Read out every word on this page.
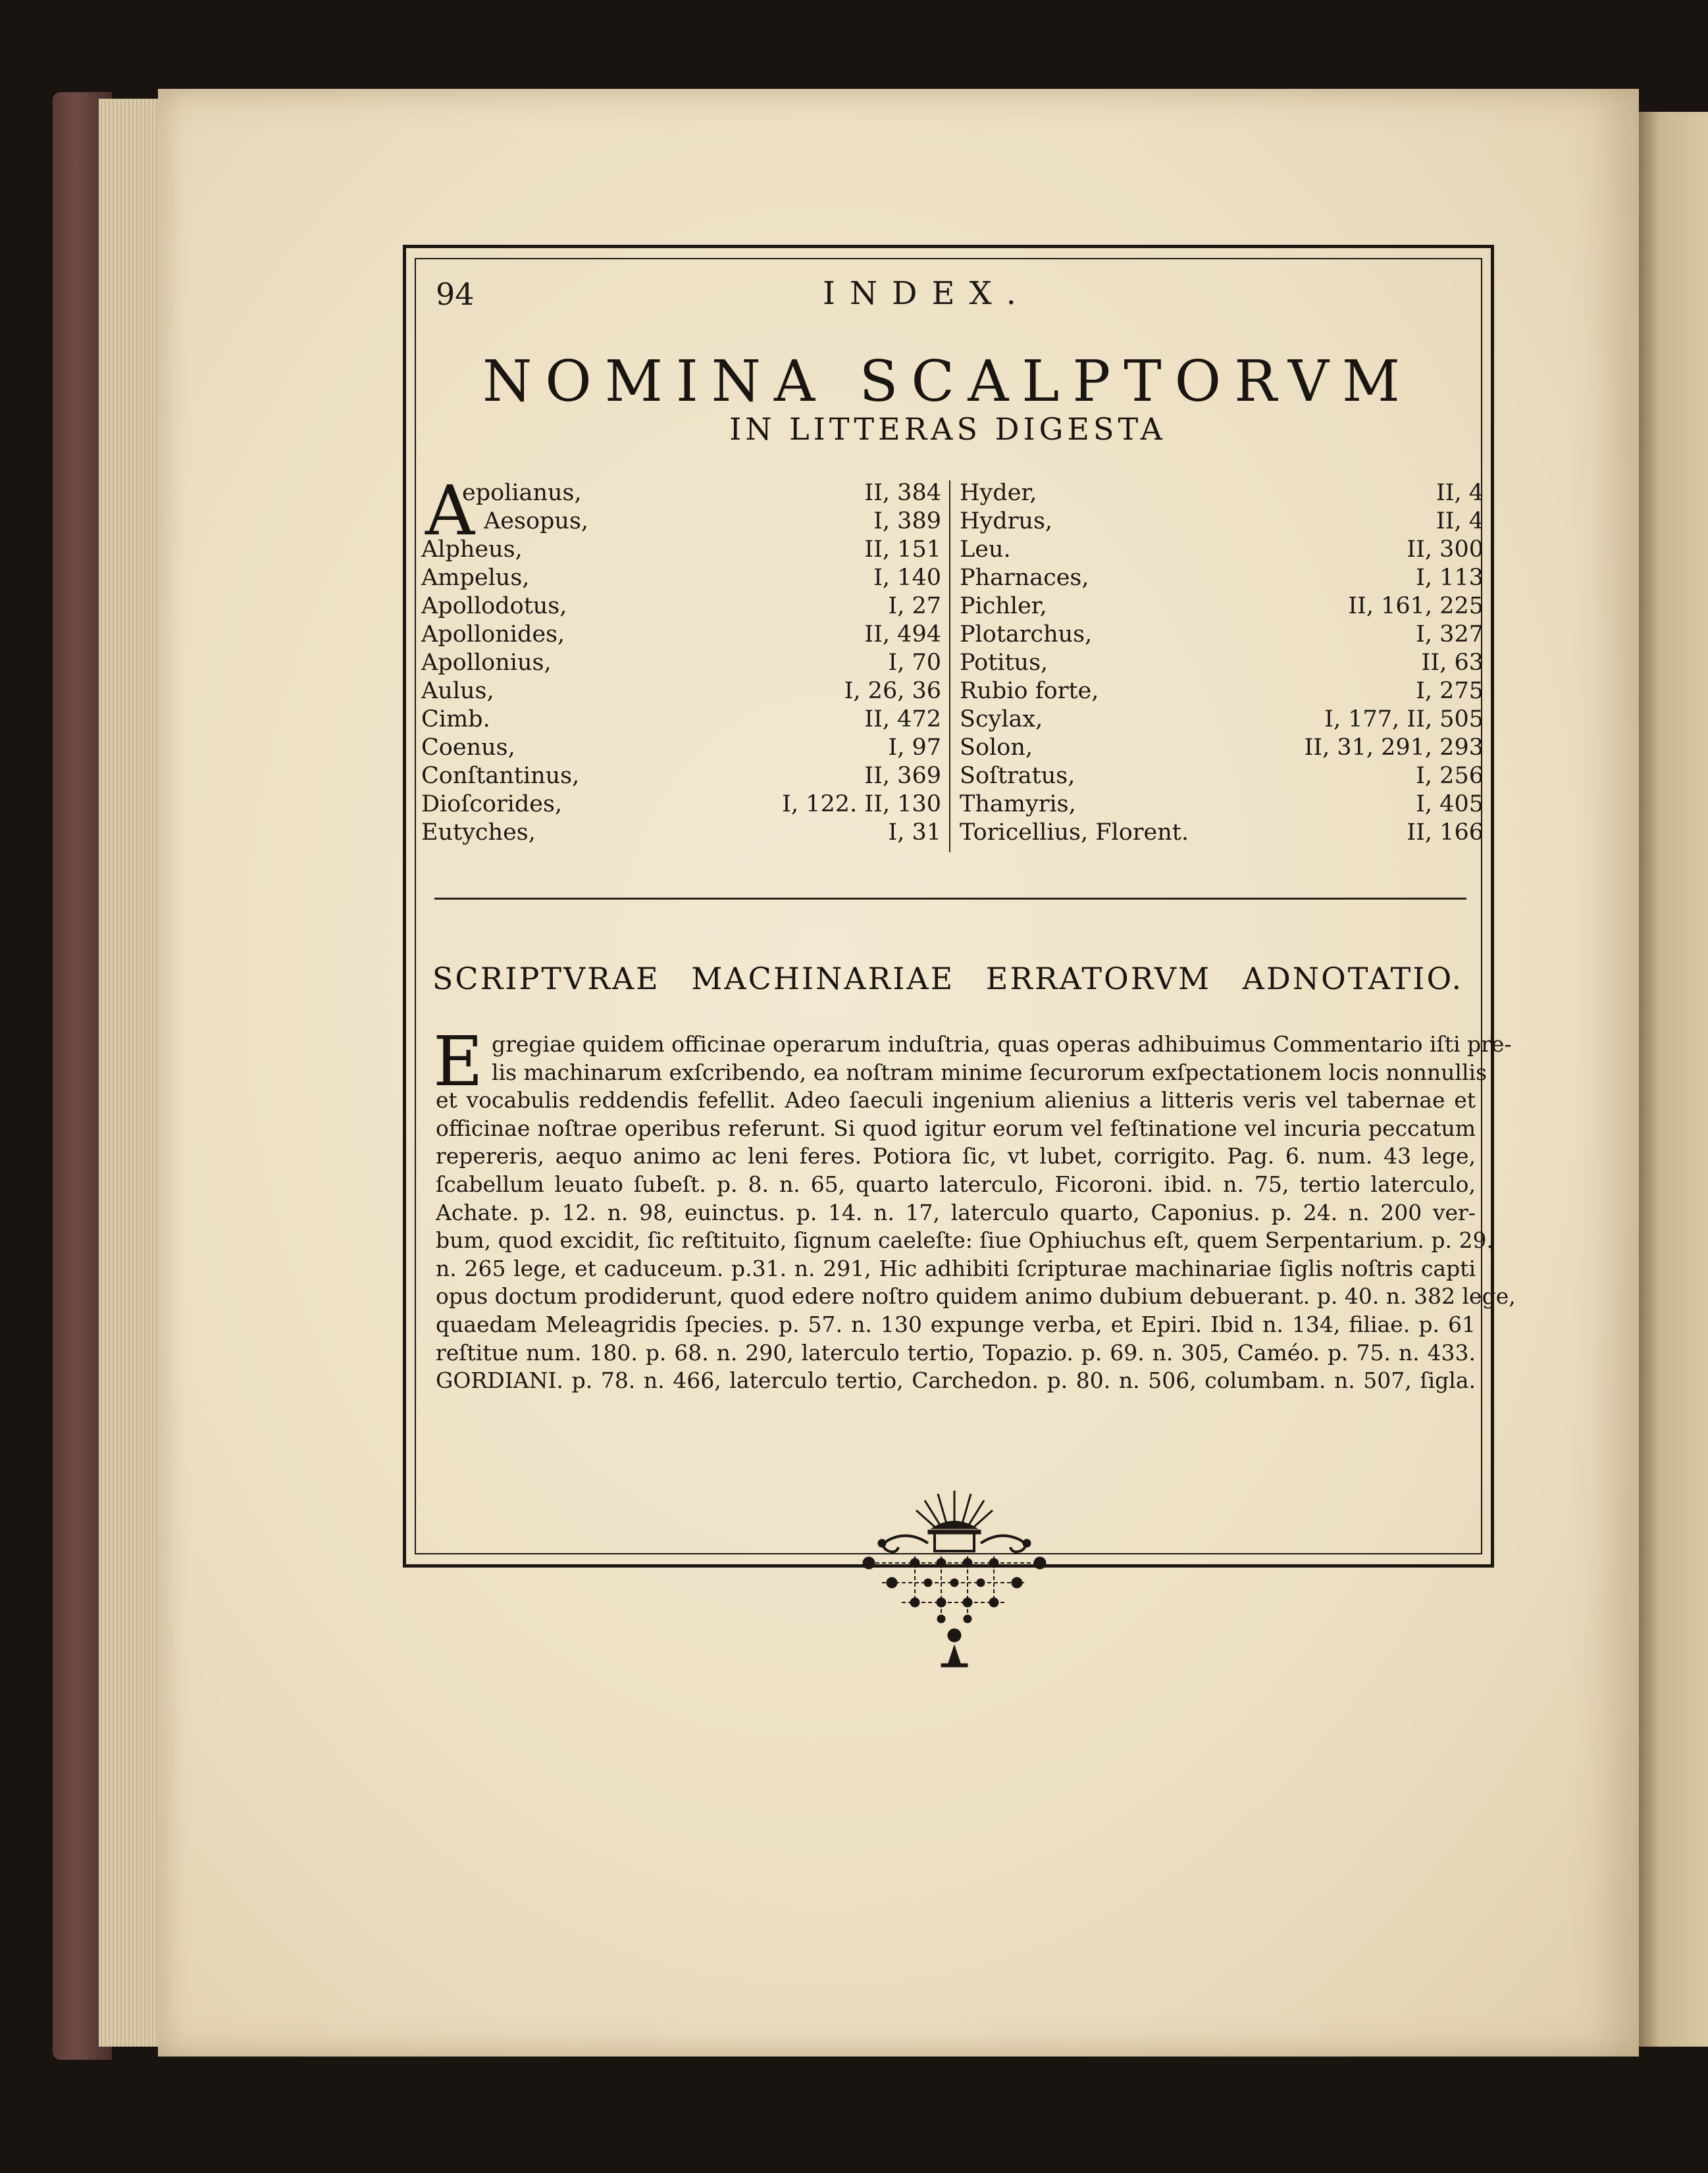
94	INDEX.
NOMINA SCALPTORVM
IN LITTERAS DIGESTA
A
epolianus,	II, 384
Aesopus,	I, 389
Alpheus,	II, 151
Ampelus,	I, 140
Apollodotus,	I, 27
Apollonides,	II, 494
Apollonius,	I, 70
Aulus,	I, 26, 36
Cimb.	II, 472
Coenus,	I, 97
Conſtantinus,	II, 369
Dioſcorides,	I, 122. II, 130
Eutyches,	I, 31
Hyder,	II, 4
Hydrus,	II, 4
Leu.	II, 300
Pharnaces,	I, 113
Pichler,	II, 161, 225
Plotarchus,	I, 327
Potitus,	II, 63
Rubio forte,	I, 275
Scylax,	I, 177, II, 505
Solon,	II, 31, 291, 293
Soſtratus,	I, 256
Thamyris,	I, 405
Toricellius, Florent.	II, 166
SCRIPTVRAE MACHINARIAE ERRATORVM ADNOTATIO.
E gregiae quidem officinae operarum induſtria, quas operas adhibuimus Commentario iſti pre-
lis machinarum exſcribendo, ea noſtram minime ſecurorum exſpectationem locis nonnullis
et vocabulis reddendis fefellit. Adeo ſaeculi ingenium alienius a litteris veris vel tabernae et
officinae noſtrae operibus referunt. Si quod igitur eorum vel feſtinatione vel incuria peccatum
repereris, aequo animo ac leni feres. Potiora ſic, vt lubet, corrigito. Pag. 6. num. 43 lege,
ſcabellum leuato ſubeſt. p. 8. n. 65, quarto laterculo, Ficoroni. ibid. n. 75, tertio laterculo,
Achate. p. 12. n. 98, euinctus. p. 14. n. 17, laterculo quarto, Caponius. p. 24. n. 200 ver-
bum, quod excidit, ſic reſtituito, ſignum caeleſte: ſiue Ophiuchus eſt, quem Serpentarium. p. 29.
n. 265 lege, et caduceum. p.31. n. 291, Hic adhibiti ſcripturae machinariae ſiglis noſtris capti
opus doctum prodiderunt, quod edere noſtro quidem animo dubium debuerant. p. 40. n. 382 lege,
quaedam Meleagridis ſpecies. p. 57. n. 130 expunge verba, et Epiri. Ibid n. 134, filiae. p. 61
reſtitue num. 180. p. 68. n. 290, laterculo tertio, Topazio. p. 69. n. 305, Caméo. p. 75. n. 433.
GORDIANI. p. 78. n. 466, laterculo tertio, Carchedon. p. 80. n. 506, columbam. n. 507, ſigla.
